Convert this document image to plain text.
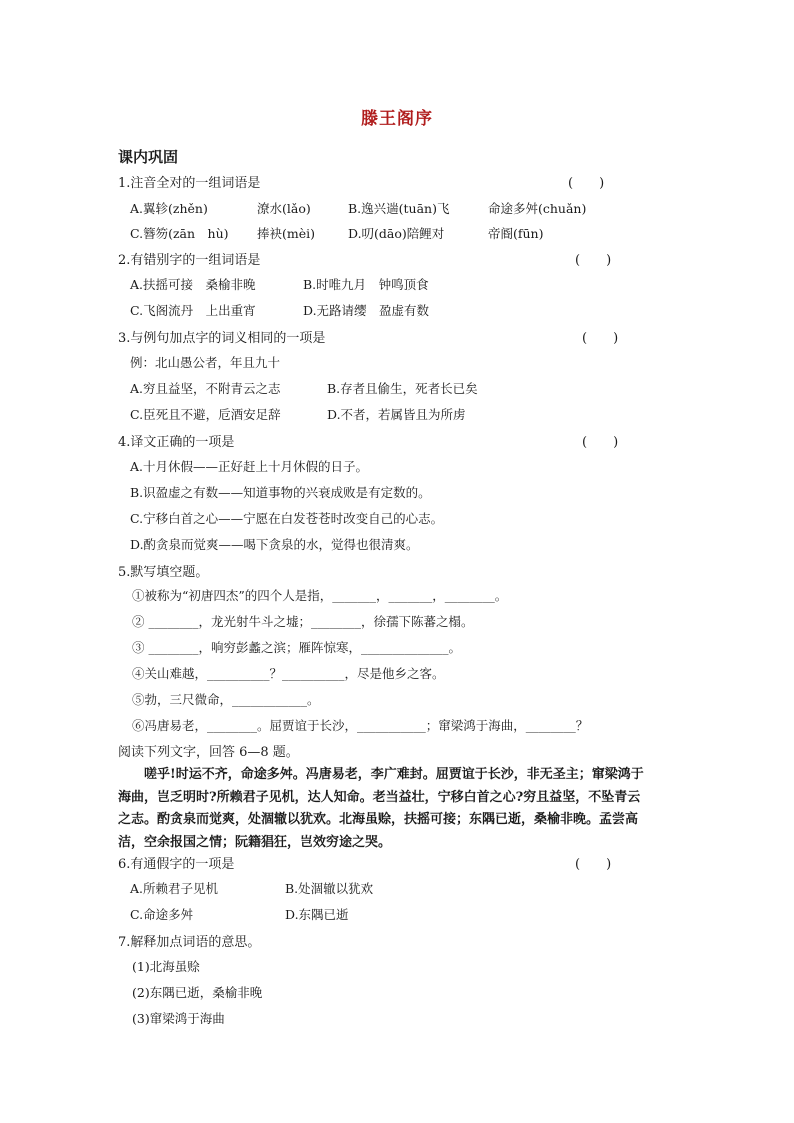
滕王阁序
课内巩固
1.注音全对的一组词语是	(　　)
A.翼轸(zhěn)	潦水(lǎo)	B.逸兴遄(tuān)飞	命途多舛(chuǎn)
C.簪笏(zān　hù) 捧袂(mèi)	D.叨(dāo)陪鲤对	帝阍(fūn)
2.有错别字的一组词语是	(　　)
A.扶摇可接　桑榆非晚	B.时唯九月　钟鸣顶食
C.飞阁流丹　上出重宵	D.无路请缨　盈虚有数
3.与例句加点字的词义相同的一项是	(　　)
例：北山愚公者，年且九十
A.穷且益坚，不附青云之志	B.存者且偷生，死者长已矣
C.臣死且不避，卮酒安足辞	D.不者，若属皆且为所虏
4.译文正确的一项是	(　　)
A.十月休假——正好赶上十月休假的日子。
B.识盈虚之有数——知道事物的兴衰成败是有定数的。
C.宁移白首之心——宁愿在白发苍苍时改变自己的心志。
D.酌贪泉而觉爽——喝下贪泉的水，觉得也很清爽。
5.默写填空题。
①被称为“初唐四杰”的四个人是指，_______，_______，________。
② ________，龙光射牛斗之墟；________，徐孺下陈蕃之榻。
③ ________，响穷彭蠡之滨；雁阵惊寒，______________。
④关山难越，__________？__________，尽是他乡之客。
⑤勃，三尺微命，____________。
⑥冯唐易老，________。屈贾谊于长沙，___________；窜梁鸿于海曲，________？
阅读下列文字，回答 6—8 题。
嗟乎!时运不齐，命途多舛。冯唐易老，李广难封。屈贾谊于长沙，非无圣主；窜梁鸿于海曲，岂乏明时?所赖君子见机，达人知命。老当益壮，宁移白首之心?穷且益坚，不坠青云之志。酌贪泉而觉爽，处涸辙以犹欢。北海虽赊，扶摇可接；东隅已逝，桑榆非晚。孟尝高洁，空余报国之情；阮籍猖狂，岂效穷途之哭。
6.有通假字的一项是	(　　)
A.所赖君子见机	B.处涸辙以犹欢
C.命途多舛	D.东隅已逝
7.解释加点词语的意思。
(1)北海虽赊
(2)东隅已逝，桑榆非晚
(3)窜梁鸿于海曲
